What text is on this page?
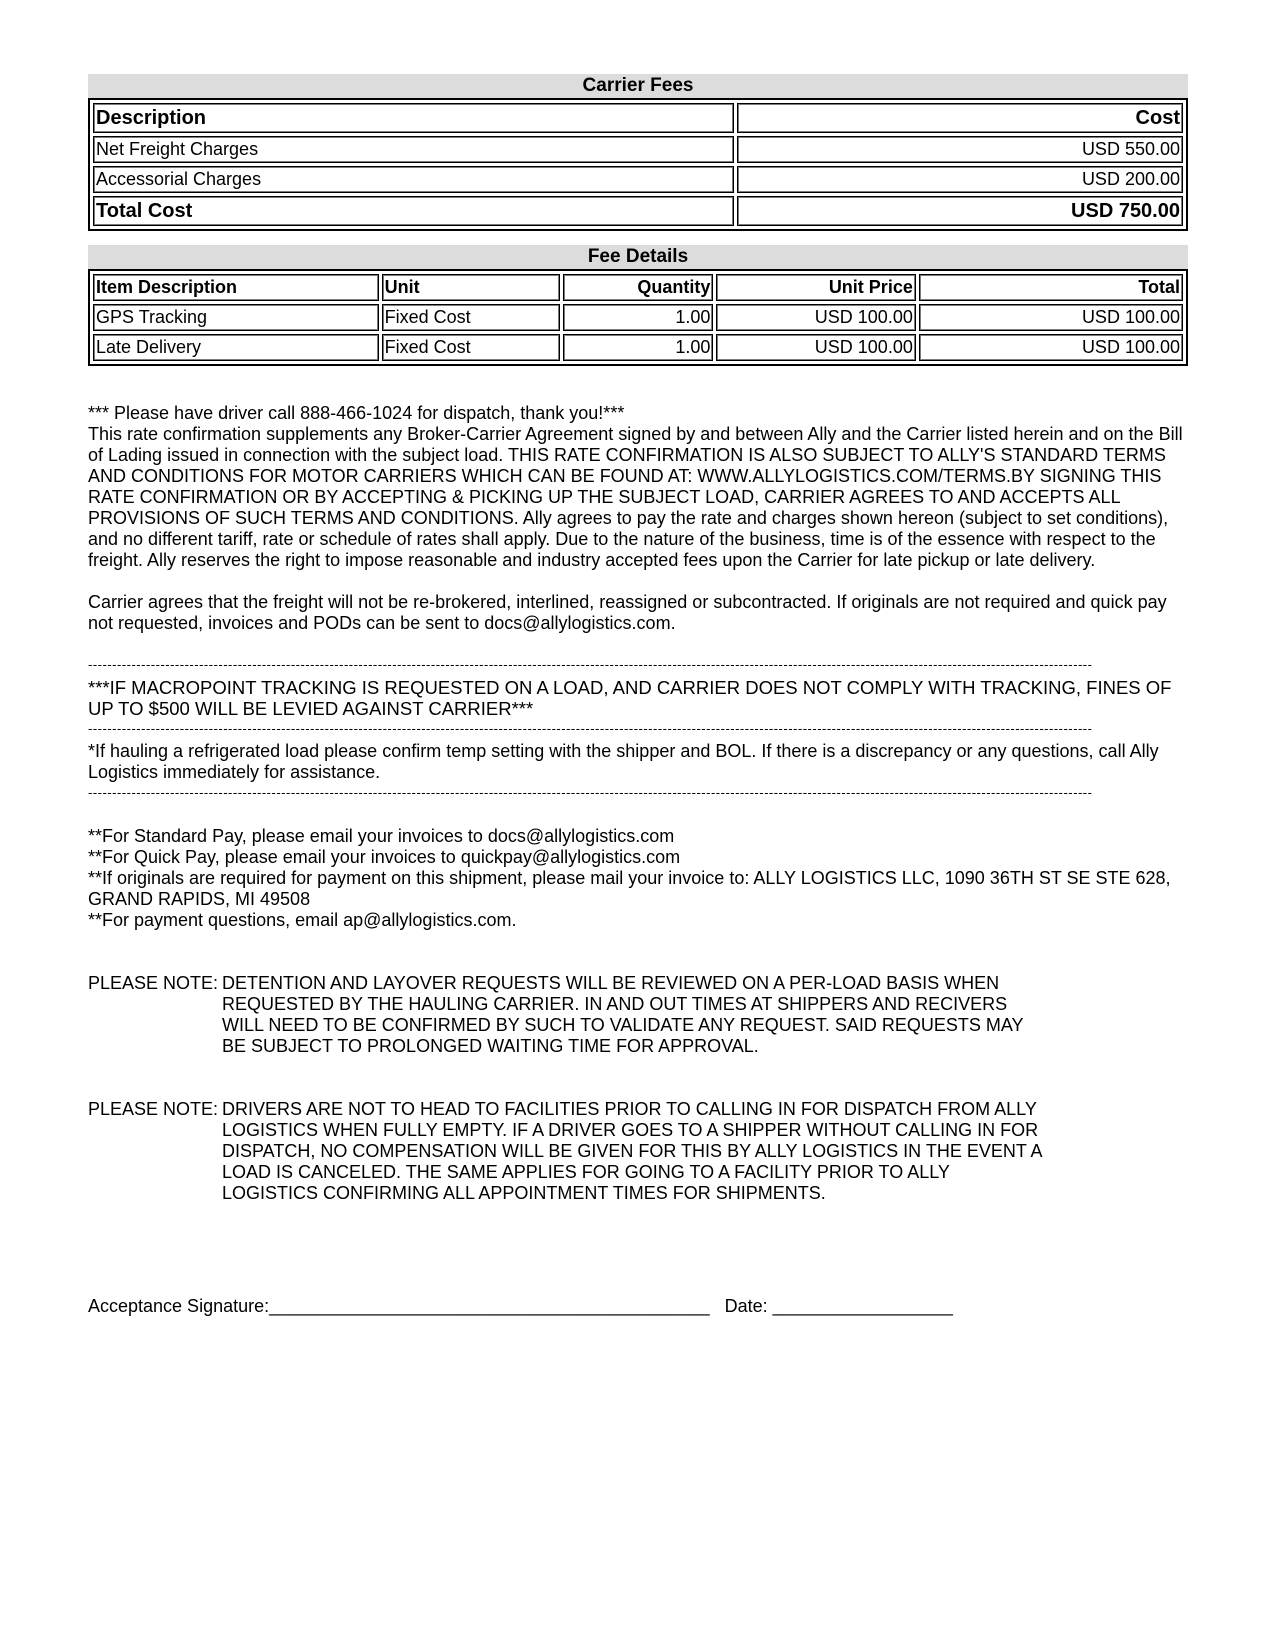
Carrier Fees
Description	Cost
Net Freight Charges	USD 550.00
Accessorial Charges	USD 200.00
Total Cost	USD 750.00
Fee Details
Item Description	Unit	Quantity	Unit Price	Total
GPS Tracking	Fixed Cost	1.00	USD 100.00	USD 100.00
Late Delivery	Fixed Cost	1.00	USD 100.00	USD 100.00

*** Please have driver call 888-466-1024 for dispatch, thank you!***

This rate confirmation supplements any Broker-Carrier Agreement signed by and between Ally and the Carrier listed herein and on the Bill of Lading issued in connection with the subject load. THIS RATE CONFIRMATION IS ALSO SUBJECT TO ALLY'S STANDARD TERMS AND CONDITIONS FOR MOTOR CARRIERS WHICH CAN BE FOUND AT: WWW.ALLYLOGISTICS.COM/TERMS.BY SIGNING THIS RATE CONFIRMATION OR BY ACCEPTING & PICKING UP THE SUBJECT LOAD, CARRIER AGREES TO AND ACCEPTS ALL PROVISIONS OF SUCH TERMS AND CONDITIONS. Ally agrees to pay the rate and charges shown hereon (subject to set conditions), and no different tariff, rate or schedule of rates shall apply. Due to the nature of the business, time is of the essence with respect to the freight. Ally reserves the right to impose reasonable and industry accepted fees upon the Carrier for late pickup or late delivery.

Carrier agrees that the freight will not be re-brokered, interlined, reassigned or subcontracted. If originals are not required and quick pay not requested, invoices and PODs can be sent to docs@allylogistics.com.

----------------------------------------------------------------------------------------------------------------------------------------------------------------------------------------------------------------

***IF MACROPOINT TRACKING IS REQUESTED ON A LOAD, AND CARRIER DOES NOT COMPLY WITH TRACKING, FINES OF UP TO $500 WILL BE LEVIED AGAINST CARRIER***

----------------------------------------------------------------------------------------------------------------------------------------------------------------------------------------------------------------

*If hauling a refrigerated load please confirm temp setting with the shipper and BOL. If there is a discrepancy or any questions, call Ally Logistics immediately for assistance.

----------------------------------------------------------------------------------------------------------------------------------------------------------------------------------------------------------------

**For Standard Pay, please email your invoices to docs@allylogistics.com

**For Quick Pay, please email your invoices to quickpay@allylogistics.com

**If originals are required for payment on this shipment, please mail your invoice to: ALLY LOGISTICS LLC, 1090 36TH ST SE STE 628, GRAND RAPIDS, MI 49508

**For payment questions, email ap@allylogistics.com.

PLEASE NOTE: DETENTION AND LAYOVER REQUESTS WILL BE REVIEWED ON A PER-LOAD BASIS WHEN REQUESTED BY THE HAULING CARRIER. IN AND OUT TIMES AT SHIPPERS AND RECIVERS WILL NEED TO BE CONFIRMED BY SUCH TO VALIDATE ANY REQUEST. SAID REQUESTS MAY BE SUBJECT TO PROLONGED WAITING TIME FOR APPROVAL.
PLEASE NOTE: DRIVERS ARE NOT TO HEAD TO FACILITIES PRIOR TO CALLING IN FOR DISPATCH FROM ALLY LOGISTICS WHEN FULLY EMPTY. IF A DRIVER GOES TO A SHIPPER WITHOUT CALLING IN FOR DISPATCH, NO COMPENSATION WILL BE GIVEN FOR THIS BY ALLY LOGISTICS IN THE EVENT A LOAD IS CANCELED. THE SAME APPLIES FOR GOING TO A FACILITY PRIOR TO ALLY LOGISTICS CONFIRMING ALL APPOINTMENT TIMES FOR SHIPMENTS.
Acceptance Signature:____________________________________________ Date: __________________
